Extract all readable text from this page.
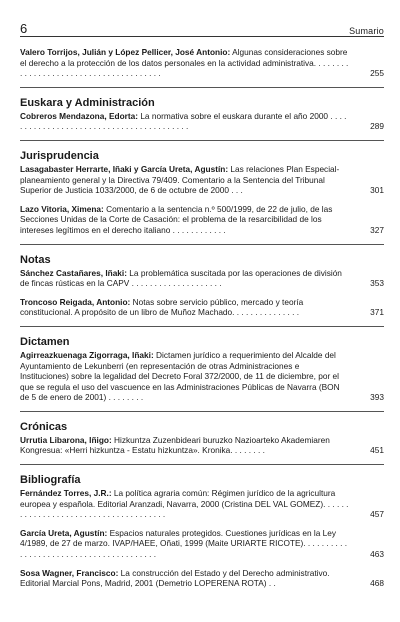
6	Sumario
Valero Torrijos, Julián y López Pellicer, José Antonio: Algunas consideraciones sobre el derecho a la protección de los datos personales en la actividad administrativa. . . . . . . . . . . . . . . . . . . . . . . . . . . . . . . . . . . . . . .	255
Euskara y Administración
Cobreros Mendazona, Edorta: La normativa sobre el euskara durante el año 2000 . . . . . . . . . . . . . . . . . . . . . . . . . . . . . . . . . . . . . . . . .	289
Jurisprudencia
Lasagabaster Herrarte, Iñaki y García Ureta, Agustín: Las relaciones Plan Especial-planeamiento general y la Directiva 79/409. Comentario a la Sentencia del Tribunal Superior de Justicia 1033/2000, de 6 de octubre de 2000 . . .	301
Lazo Vitoria, Ximena: Comentario a la sentencia n.º 500/1999, de 22 de julio, de las Secciones Unidas de la Corte de Casación: el problema de la resarcibilidad de los intereses legítimos en el derecho italiano . . . . . . . . . . . .	327
Notas
Sánchez Castañares, Iñaki: La problemática suscitada por las operaciones de división de fincas rústicas en la CAPV . . . . . . . . . . . . . . . . . . . .	353
Troncoso Reigada, Antonio: Notas sobre servicio público, mercado y teoría constitucional. A propósito de un libro de Muñoz Machado. . . . . . . . . . . . . . .	371
Dictamen
Agirreazkuenaga Zigorraga, Iñaki: Dictamen jurídico a requerimiento del Alcalde del Ayuntamiento de Lekunberri (en representación de otras Administraciones e Instituciones) sobre la legalidad del Decreto Foral 372/2000, de 11 de diciembre, por el que se regula el uso del vascuence en las Administraciones Públicas de Navarra (BON de 5 de enero de 2001) . . . . . . . .	393
Crónicas
Urrutia Libarona, Iñigo: Hizkuntza Zuzenbideari buruzko Nazioarteko Akademiaren Kongresua: «Herri hizkuntza - Estatu hizkuntza». Kronika. . . . . . . .	451
Bibliografía
Fernández Torres, J.R.: La política agraria común: Régimen jurídico de la agricultura europea y española. Editorial Aranzadi, Navarra, 2000 (Cristina DEL VAL GOMEZ). . . . . . . . . . . . . . . . . . . . . . . . . . . . . . . . . . . . . .	457
García Ureta, Agustín: Espacios naturales protegidos. Cuestiones jurídicas en la Ley 4/1989, de 27 de marzo. IVAP/HAEE, Oñati, 1999 (Maite URIARTE RICOTE). . . . . . . . . . . . . . . . . . . . . . . . . . . . . . . . . . . . . . . .	463
Sosa Wagner, Francisco: La construcción del Estado y del Derecho administrativo. Editorial Marcial Pons, Madrid, 2001 (Demetrio LOPERENA ROTA) . .	468
